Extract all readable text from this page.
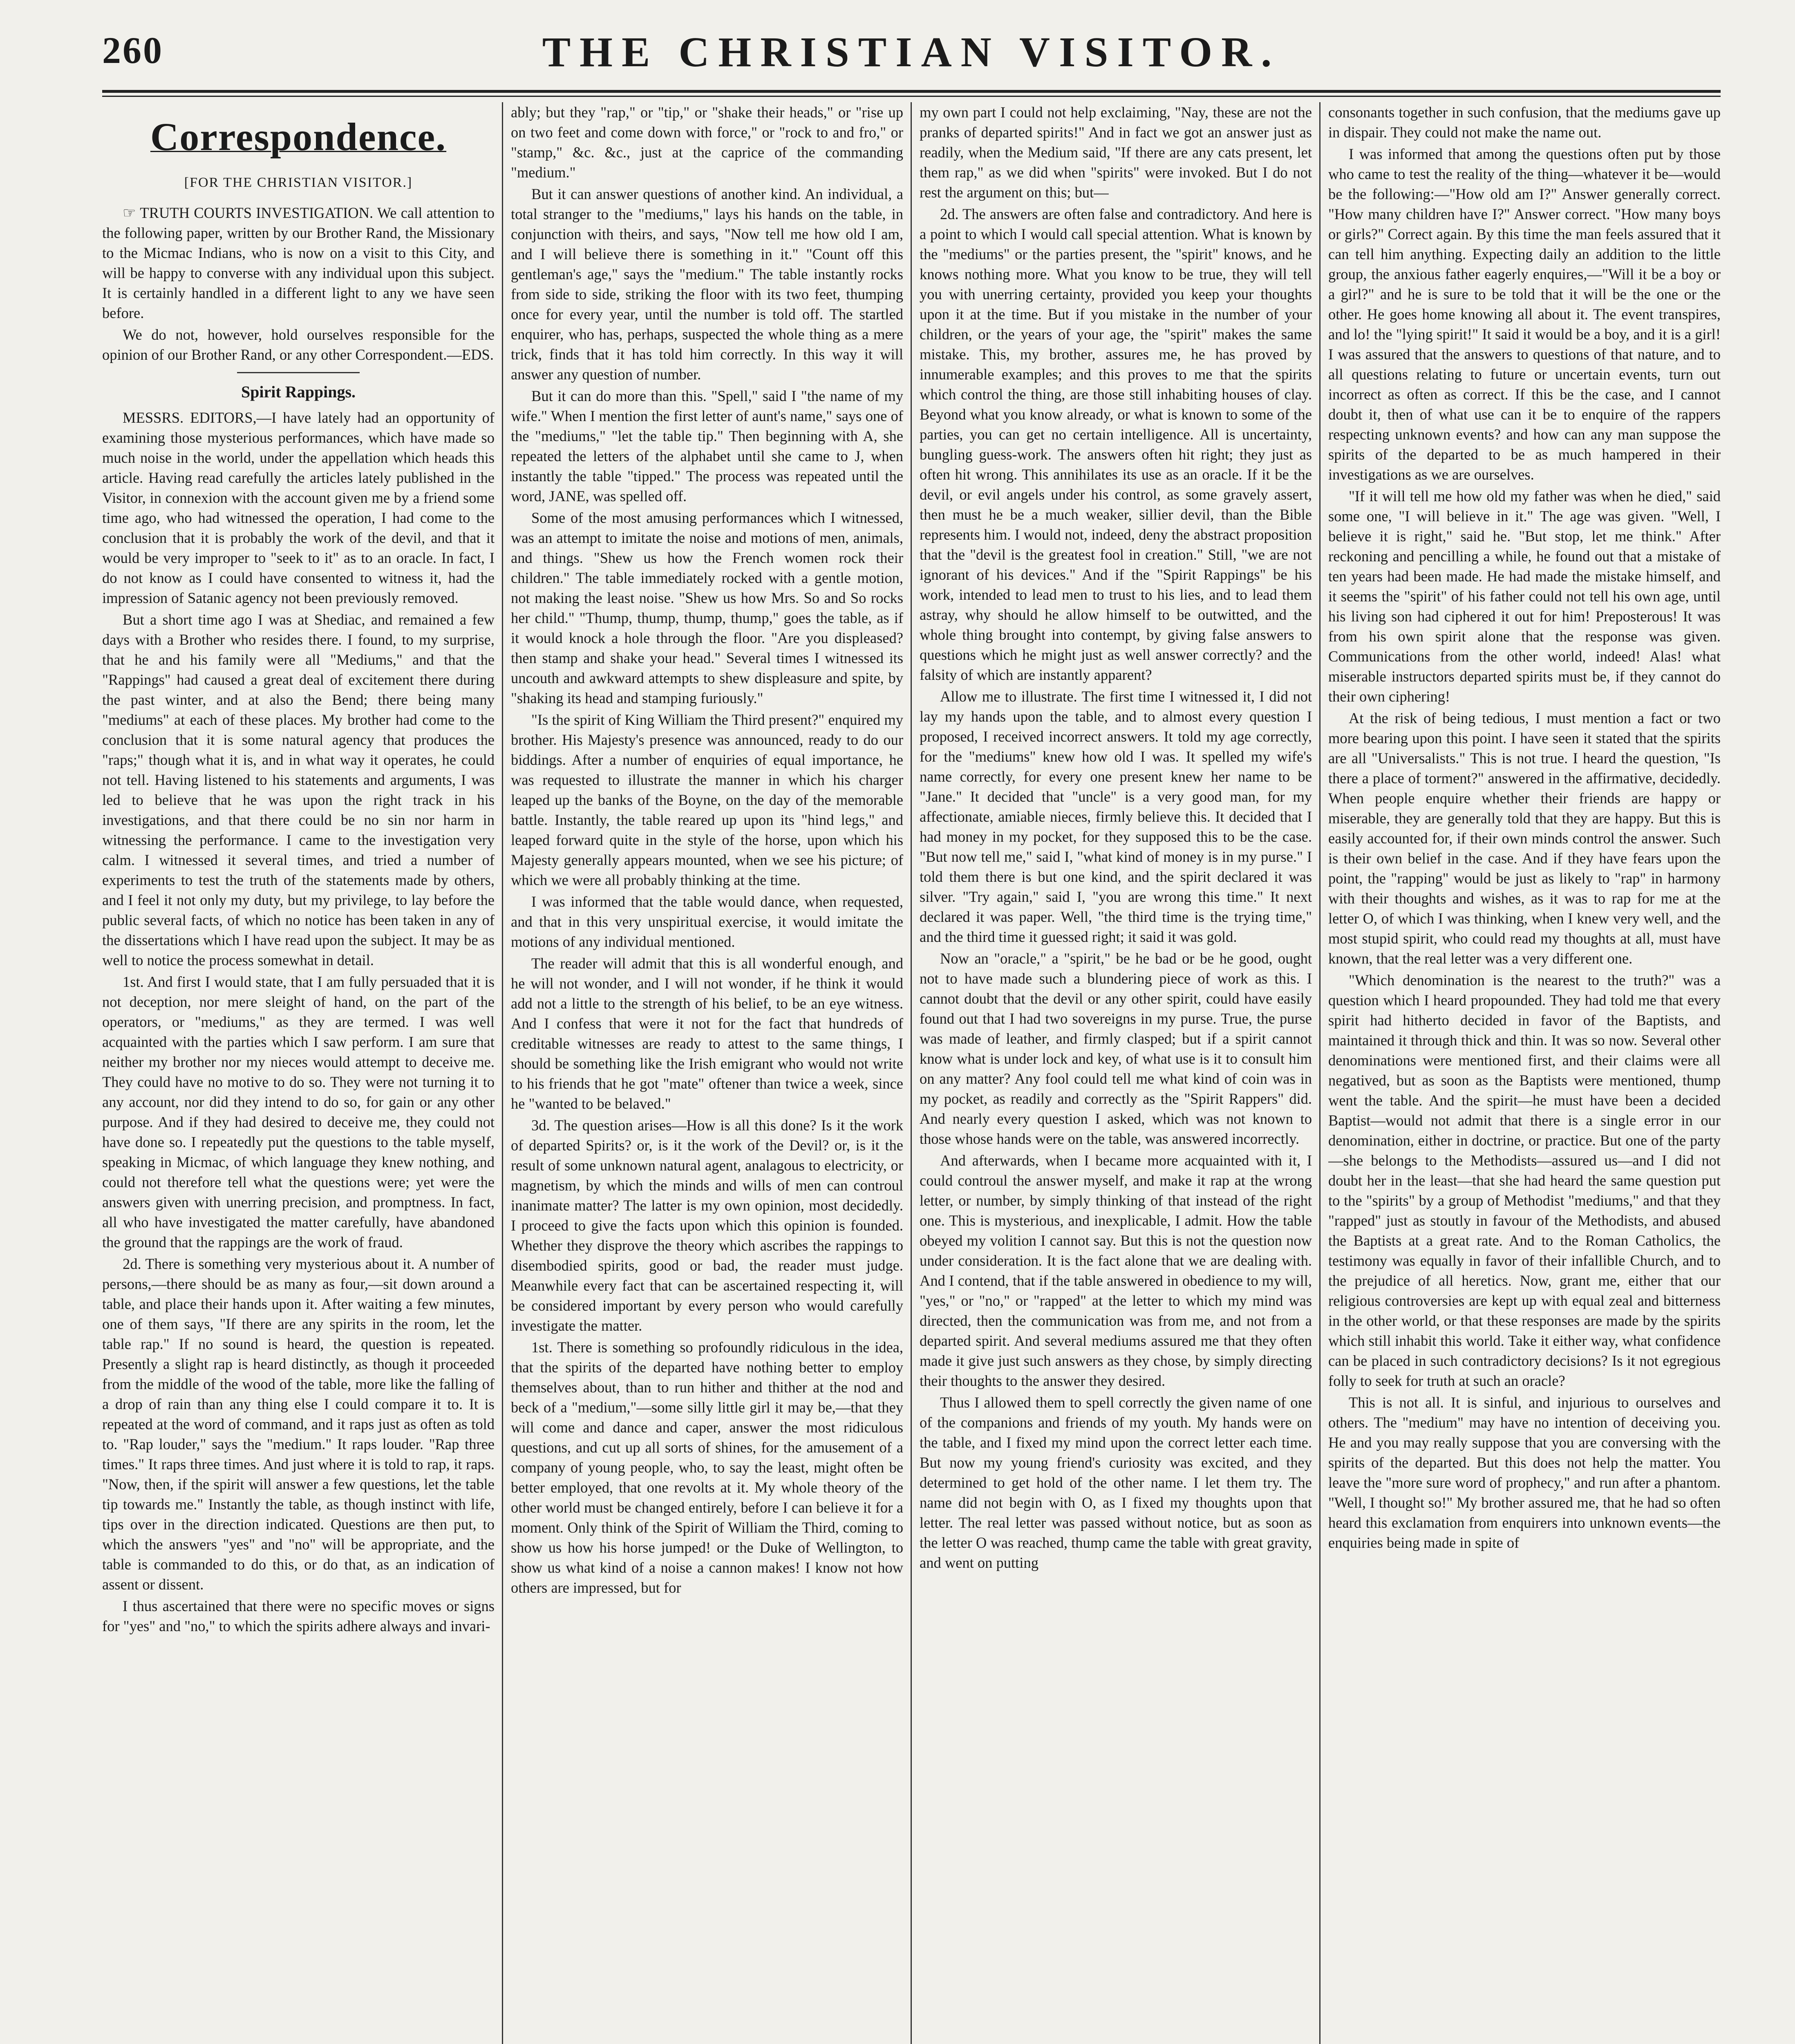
260	THE CHRISTIAN VISITOR.
Correspondence.
[FOR THE CHRISTIAN VISITOR.]

☞ TRUTH COURTS INVESTIGATION. We call attention to the following paper, written by our Brother Rand, the Missionary to the Micmac Indians, who is now on a visit to this City, and will be happy to converse with any individual upon this subject. It is certainly handled in a different light to any we have seen before.

We do not, however, hold ourselves responsible for the opinion of our Brother Rand, or any other Correspondent.—EDS.

Spirit Rappings.

MESSRS. EDITORS,—I have lately had an opportunity of examining those mysterious performances, which have made so much noise in the world, under the appellation which heads this article. Having read carefully the articles lately published in the Visitor, in connexion with the account given me by a friend some time ago, who had witnessed the operation, I had come to the conclusion that it is probably the work of the devil, and that it would be very improper to "seek to it" as to an oracle. In fact, I do not know as I could have consented to witness it, had the impression of Satanic agency not been previously removed.

But a short time ago I was at Shediac, and remained a few days with a Brother who resides there. I found, to my surprise, that he and his family were all "Mediums," and that the "Rappings" had caused a great deal of excitement there during the past winter, and at also the Bend; there being many "mediums" at each of these places. My brother had come to the conclusion that it is some natural agency that produces the "raps;" though what it is, and in what way it operates, he could not tell. Having listened to his statements and arguments, I was led to believe that he was upon the right track in his investigations, and that there could be no sin nor harm in witnessing the performance. I came to the investigation very calm. I witnessed it several times, and tried a number of experiments to test the truth of the statements made by others, and I feel it not only my duty, but my privilege, to lay before the public several facts, of which no notice has been taken in any of the dissertations which I have read upon the subject. It may be as well to notice the process somewhat in detail.

1st. And first I would state, that I am fully persuaded that it is not deception, nor mere sleight of hand, on the part of the operators, or "mediums," as they are termed. I was well acquainted with the parties which I saw perform. I am sure that neither my brother nor my nieces would attempt to deceive me. They could have no motive to do so. They were not turning it to any account, nor did they intend to do so, for gain or any other purpose. And if they had desired to deceive me, they could not have done so. I repeatedly put the questions to the table myself, speaking in Micmac, of which language they knew nothing, and could not therefore tell what the questions were; yet were the answers given with unerring precision, and promptness. In fact, all who have investigated the matter carefully, have abandoned the ground that the rappings are the work of fraud.

2d. There is something very mysterious about it. A number of persons,—there should be as many as four,—sit down around a table, and place their hands upon it. After waiting a few minutes, one of them says, "If there are any spirits in the room, let the table rap." If no sound is heard, the question is repeated. Presently a slight rap is heard distinctly, as though it proceeded from the middle of the wood of the table, more like the falling of a drop of rain than any thing else I could compare it to. It is repeated at the word of command, and it raps just as often as told to. "Rap louder," says the "medium." It raps louder. "Rap three times." It raps three times. And just where it is told to rap, it raps. "Now, then, if the spirit will answer a few questions, let the table tip towards me." Instantly the table, as though instinct with life, tips over in the direction indicated. Questions are then put, to which the answers "yes" and "no" will be appropriate, and the table is commanded to do this, or do that, as an indication of assent or dissent.

I thus ascertained that there were no specific moves or signs for "yes" and "no," to which the spirits adhere always and invari-

ably; but they "rap," or "tip," or "shake their heads," or "rise up on two feet and come down with force," or "rock to and fro," or "stamp," &c. &c., just at the caprice of the commanding "medium."

But it can answer questions of another kind. An individual, a total stranger to the "mediums," lays his hands on the table, in conjunction with theirs, and says, "Now tell me how old I am, and I will believe there is something in it." "Count off this gentleman's age," says the "medium." The table instantly rocks from side to side, striking the floor with its two feet, thumping once for every year, until the number is told off. The startled enquirer, who has, perhaps, suspected the whole thing as a mere trick, finds that it has told him correctly. In this way it will answer any question of number.

But it can do more than this. "Spell," said I "the name of my wife." When I mention the first letter of aunt's name," says one of the "mediums," "let the table tip." Then beginning with A, she repeated the letters of the alphabet until she came to J, when instantly the table "tipped." The process was repeated until the word, JANE, was spelled off.

Some of the most amusing performances which I witnessed, was an attempt to imitate the noise and motions of men, animals, and things. "Shew us how the French women rock their children." The table immediately rocked with a gentle motion, not making the least noise. "Shew us how Mrs. So and So rocks her child." "Thump, thump, thump, thump," goes the table, as if it would knock a hole through the floor. "Are you displeased? then stamp and shake your head." Several times I witnessed its uncouth and awkward attempts to shew displeasure and spite, by "shaking its head and stamping furiously."

"Is the spirit of King William the Third present?" enquired my brother. His Majesty's presence was announced, ready to do our biddings. After a number of enquiries of equal importance, he was requested to illustrate the manner in which his charger leaped up the banks of the Boyne, on the day of the memorable battle. Instantly, the table reared up upon its "hind legs," and leaped forward quite in the style of the horse, upon which his Majesty generally appears mounted, when we see his picture; of which we were all probably thinking at the time.

I was informed that the table would dance, when requested, and that in this very unspiritual exercise, it would imitate the motions of any individual mentioned.

The reader will admit that this is all wonderful enough, and he will not wonder, and I will not wonder, if he think it would add not a little to the strength of his belief, to be an eye witness. And I confess that were it not for the fact that hundreds of creditable witnesses are ready to attest to the same things, I should be something like the Irish emigrant who would not write to his friends that he got "mate" oftener than twice a week, since he "wanted to be belaved."

3d. The question arises—How is all this done? Is it the work of departed Spirits? or, is it the work of the Devil? or, is it the result of some unknown natural agent, analagous to electricity, or magnetism, by which the minds and wills of men can controul inanimate matter? The latter is my own opinion, most decidedly. I proceed to give the facts upon which this opinion is founded. Whether they disprove the theory which ascribes the rappings to disembodied spirits, good or bad, the reader must judge. Meanwhile every fact that can be ascertained respecting it, will be considered important by every person who would carefully investigate the matter.

1st. There is something so profoundly ridiculous in the idea, that the spirits of the departed have nothing better to employ themselves about, than to run hither and thither at the nod and beck of a "medium,"—some silly little girl it may be,—that they will come and dance and caper, answer the most ridiculous questions, and cut up all sorts of shines, for the amusement of a company of young people, who, to say the least, might often be better employed, that one revolts at it. My whole theory of the other world must be changed entirely, before I can believe it for a moment. Only think of the Spirit of William the Third, coming to show us how his horse jumped! or the Duke of Wellington, to show us what kind of a noise a cannon makes! I know not how others are impressed, but for

my own part I could not help exclaiming, "Nay, these are not the pranks of departed spirits!" And in fact we got an answer just as readily, when the Medium said, "If there are any cats present, let them rap," as we did when "spirits" were invoked. But I do not rest the argument on this; but—

2d. The answers are often false and contradictory. And here is a point to which I would call special attention. What is known by the "mediums" or the parties present, the "spirit" knows, and he knows nothing more. What you know to be true, they will tell you with unerring certainty, provided you keep your thoughts upon it at the time. But if you mistake in the number of your children, or the years of your age, the "spirit" makes the same mistake. This, my brother, assures me, he has proved by innumerable examples; and this proves to me that the spirits which control the thing, are those still inhabiting houses of clay. Beyond what you know already, or what is known to some of the parties, you can get no certain intelligence. All is uncertainty, bungling guess-work. The answers often hit right; they just as often hit wrong. This annihilates its use as an oracle. If it be the devil, or evil angels under his control, as some gravely assert, then must he be a much weaker, sillier devil, than the Bible represents him. I would not, indeed, deny the abstract proposition that the "devil is the greatest fool in creation." Still, "we are not ignorant of his devices." And if the "Spirit Rappings" be his work, intended to lead men to trust to his lies, and to lead them astray, why should he allow himself to be outwitted, and the whole thing brought into contempt, by giving false answers to questions which he might just as well answer correctly? and the falsity of which are instantly apparent?

Allow me to illustrate. The first time I witnessed it, I did not lay my hands upon the table, and to almost every question I proposed, I received incorrect answers. It told my age correctly, for the "mediums" knew how old I was. It spelled my wife's name correctly, for every one present knew her name to be "Jane." It decided that "uncle" is a very good man, for my affectionate, amiable nieces, firmly believe this. It decided that I had money in my pocket, for they supposed this to be the case. "But now tell me," said I, "what kind of money is in my purse." I told them there is but one kind, and the spirit declared it was silver. "Try again," said I, "you are wrong this time." It next declared it was paper. Well, "the third time is the trying time," and the third time it guessed right; it said it was gold.

Now an "oracle," a "spirit," be he bad or be he good, ought not to have made such a blundering piece of work as this. I cannot doubt that the devil or any other spirit, could have easily found out that I had two sovereigns in my purse. True, the purse was made of leather, and firmly clasped; but if a spirit cannot know what is under lock and key, of what use is it to consult him on any matter? Any fool could tell me what kind of coin was in my pocket, as readily and correctly as the "Spirit Rappers" did. And nearly every question I asked, which was not known to those whose hands were on the table, was answered incorrectly.

And afterwards, when I became more acquainted with it, I could controul the answer myself, and make it rap at the wrong letter, or number, by simply thinking of that instead of the right one. This is mysterious, and inexplicable, I admit. How the table obeyed my volition I cannot say. But this is not the question now under consideration. It is the fact alone that we are dealing with. And I contend, that if the table answered in obedience to my will, "yes," or "no," or "rapped" at the letter to which my mind was directed, then the communication was from me, and not from a departed spirit. And several mediums assured me that they often made it give just such answers as they chose, by simply directing their thoughts to the answer they desired.

Thus I allowed them to spell correctly the given name of one of the companions and friends of my youth. My hands were on the table, and I fixed my mind upon the correct letter each time. But now my young friend's curiosity was excited, and they determined to get hold of the other name. I let them try. The name did not begin with O, as I fixed my thoughts upon that letter. The real letter was passed without notice, but as soon as the letter O was reached, thump came the table with great gravity, and went on putting

consonants together in such confusion, that the mediums gave up in dispair. They could not make the name out.

I was informed that among the questions often put by those who came to test the reality of the thing—whatever it be—would be the following:—"How old am I?" Answer generally correct. "How many children have I?" Answer correct. "How many boys or girls?" Correct again. By this time the man feels assured that it can tell him anything. Expecting daily an addition to the little group, the anxious father eagerly enquires,—"Will it be a boy or a girl?" and he is sure to be told that it will be the one or the other. He goes home knowing all about it. The event transpires, and lo! the "lying spirit!" It said it would be a boy, and it is a girl! I was assured that the answers to questions of that nature, and to all questions relating to future or uncertain events, turn out incorrect as often as correct. If this be the case, and I cannot doubt it, then of what use can it be to enquire of the rappers respecting unknown events? and how can any man suppose the spirits of the departed to be as much hampered in their investigations as we are ourselves.

"If it will tell me how old my father was when he died," said some one, "I will believe in it." The age was given. "Well, I believe it is right," said he. "But stop, let me think." After reckoning and pencilling a while, he found out that a mistake of ten years had been made. He had made the mistake himself, and it seems the "spirit" of his father could not tell his own age, until his living son had ciphered it out for him! Preposterous! It was from his own spirit alone that the response was given. Communications from the other world, indeed! Alas! what miserable instructors departed spirits must be, if they cannot do their own ciphering!

At the risk of being tedious, I must mention a fact or two more bearing upon this point. I have seen it stated that the spirits are all "Universalists." This is not true. I heard the question, "Is there a place of torment?" answered in the affirmative, decidedly. When people enquire whether their friends are happy or miserable, they are generally told that they are happy. But this is easily accounted for, if their own minds control the answer. Such is their own belief in the case. And if they have fears upon the point, the "rapping" would be just as likely to "rap" in harmony with their thoughts and wishes, as it was to rap for me at the letter O, of which I was thinking, when I knew very well, and the most stupid spirit, who could read my thoughts at all, must have known, that the real letter was a very different one.

"Which denomination is the nearest to the truth?" was a question which I heard propounded. They had told me that every spirit had hitherto decided in favor of the Baptists, and maintained it through thick and thin. It was so now. Several other denominations were mentioned first, and their claims were all negatived, but as soon as the Baptists were mentioned, thump went the table. And the spirit—he must have been a decided Baptist—would not admit that there is a single error in our denomination, either in doctrine, or practice. But one of the party—she belongs to the Methodists—assured us—and I did not doubt her in the least—that she had heard the same question put to the "spirits" by a group of Methodist "mediums," and that they "rapped" just as stoutly in favour of the Methodists, and abused the Baptists at a great rate. And to the Roman Catholics, the testimony was equally in favor of their infallible Church, and to the prejudice of all heretics. Now, grant me, either that our religious controversies are kept up with equal zeal and bitterness in the other world, or that these responses are made by the spirits which still inhabit this world. Take it either way, what confidence can be placed in such contradictory decisions? Is it not egregious folly to seek for truth at such an oracle?

This is not all. It is sinful, and injurious to ourselves and others. The "medium" may have no intention of deceiving you. He and you may really suppose that you are conversing with the spirits of the departed. But this does not help the matter. You leave the "more sure word of prophecy," and run after a phantom. "Well, I thought so!" My brother assured me, that he had so often heard this exclamation from enquirers into unknown events—the enquiries being made in spite of
